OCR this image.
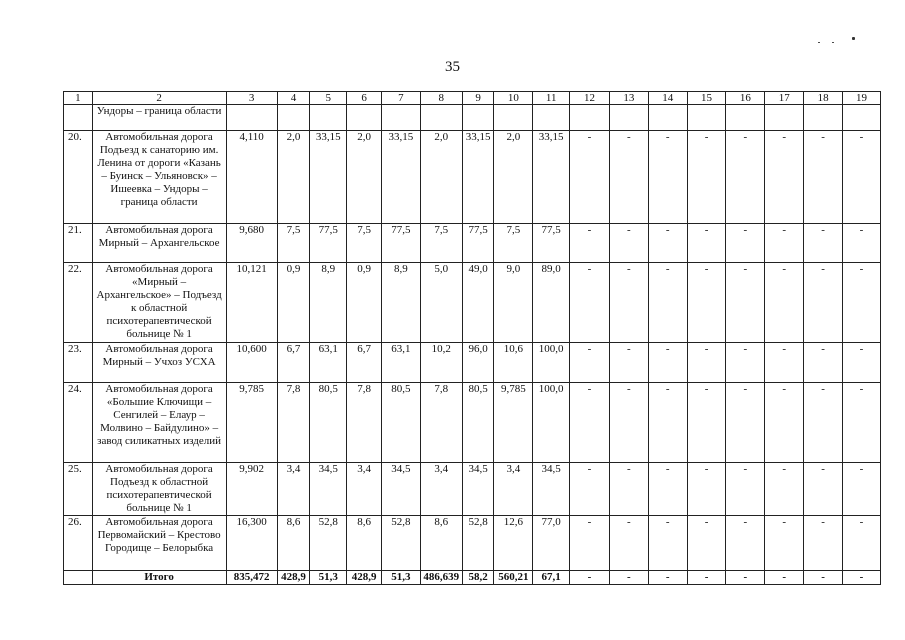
35
1	2	3	4	5	6	7	8	9	10	11	12	13	14	15	16	17	18	19
	Ундоры – граница области																	
20.	Автомобильная дорога Подъезд к санаторию им. Ленина от дороги «Казань – Буинск – Ульяновск» – Ишеевка – Ундоры – граница области	4,110	2,0	33,15	2,0	33,15	2,0	33,15	2,0	33,15	-	-	-	-	-	-	-	-
21.	Автомобильная дорога Мирный – Архангельское	9,680	7,5	77,5	7,5	77,5	7,5	77,5	7,5	77,5	-	-	-	-	-	-	-	-
22.	Автомобильная дорога «Мирный – Архангельское» – Подъезд к областной психотерапевтической больнице № 1	10,121	0,9	8,9	0,9	8,9	5,0	49,0	9,0	89,0	-	-	-	-	-	-	-	-
23.	Автомобильная дорога Мирный – Учхоз УСХА	10,600	6,7	63,1	6,7	63,1	10,2	96,0	10,6	100,0	-	-	-	-	-	-	-	-
24.	Автомобильная дорога «Большие Ключищи – Сенгилей – Елаур – Молвино – Байдулино» – завод силикатных изделий	9,785	7,8	80,5	7,8	80,5	7,8	80,5	9,785	100,0	-	-	-	-	-	-	-	-
25.	Автомобильная дорога Подъезд к областной психотерапевтической больнице № 1	9,902	3,4	34,5	3,4	34,5	3,4	34,5	3,4	34,5	-	-	-	-	-	-	-	-
26.	Автомобильная дорога Первомайский – Крестово Городище – Белорыбка	16,300	8,6	52,8	8,6	52,8	8,6	52,8	12,6	77,0	-	-	-	-	-	-	-	-
	Итого	835,472	428,9	51,3	428,9	51,3	486,639	58,2	560,21	67,1	-	-	-	-	-	-	-	-
